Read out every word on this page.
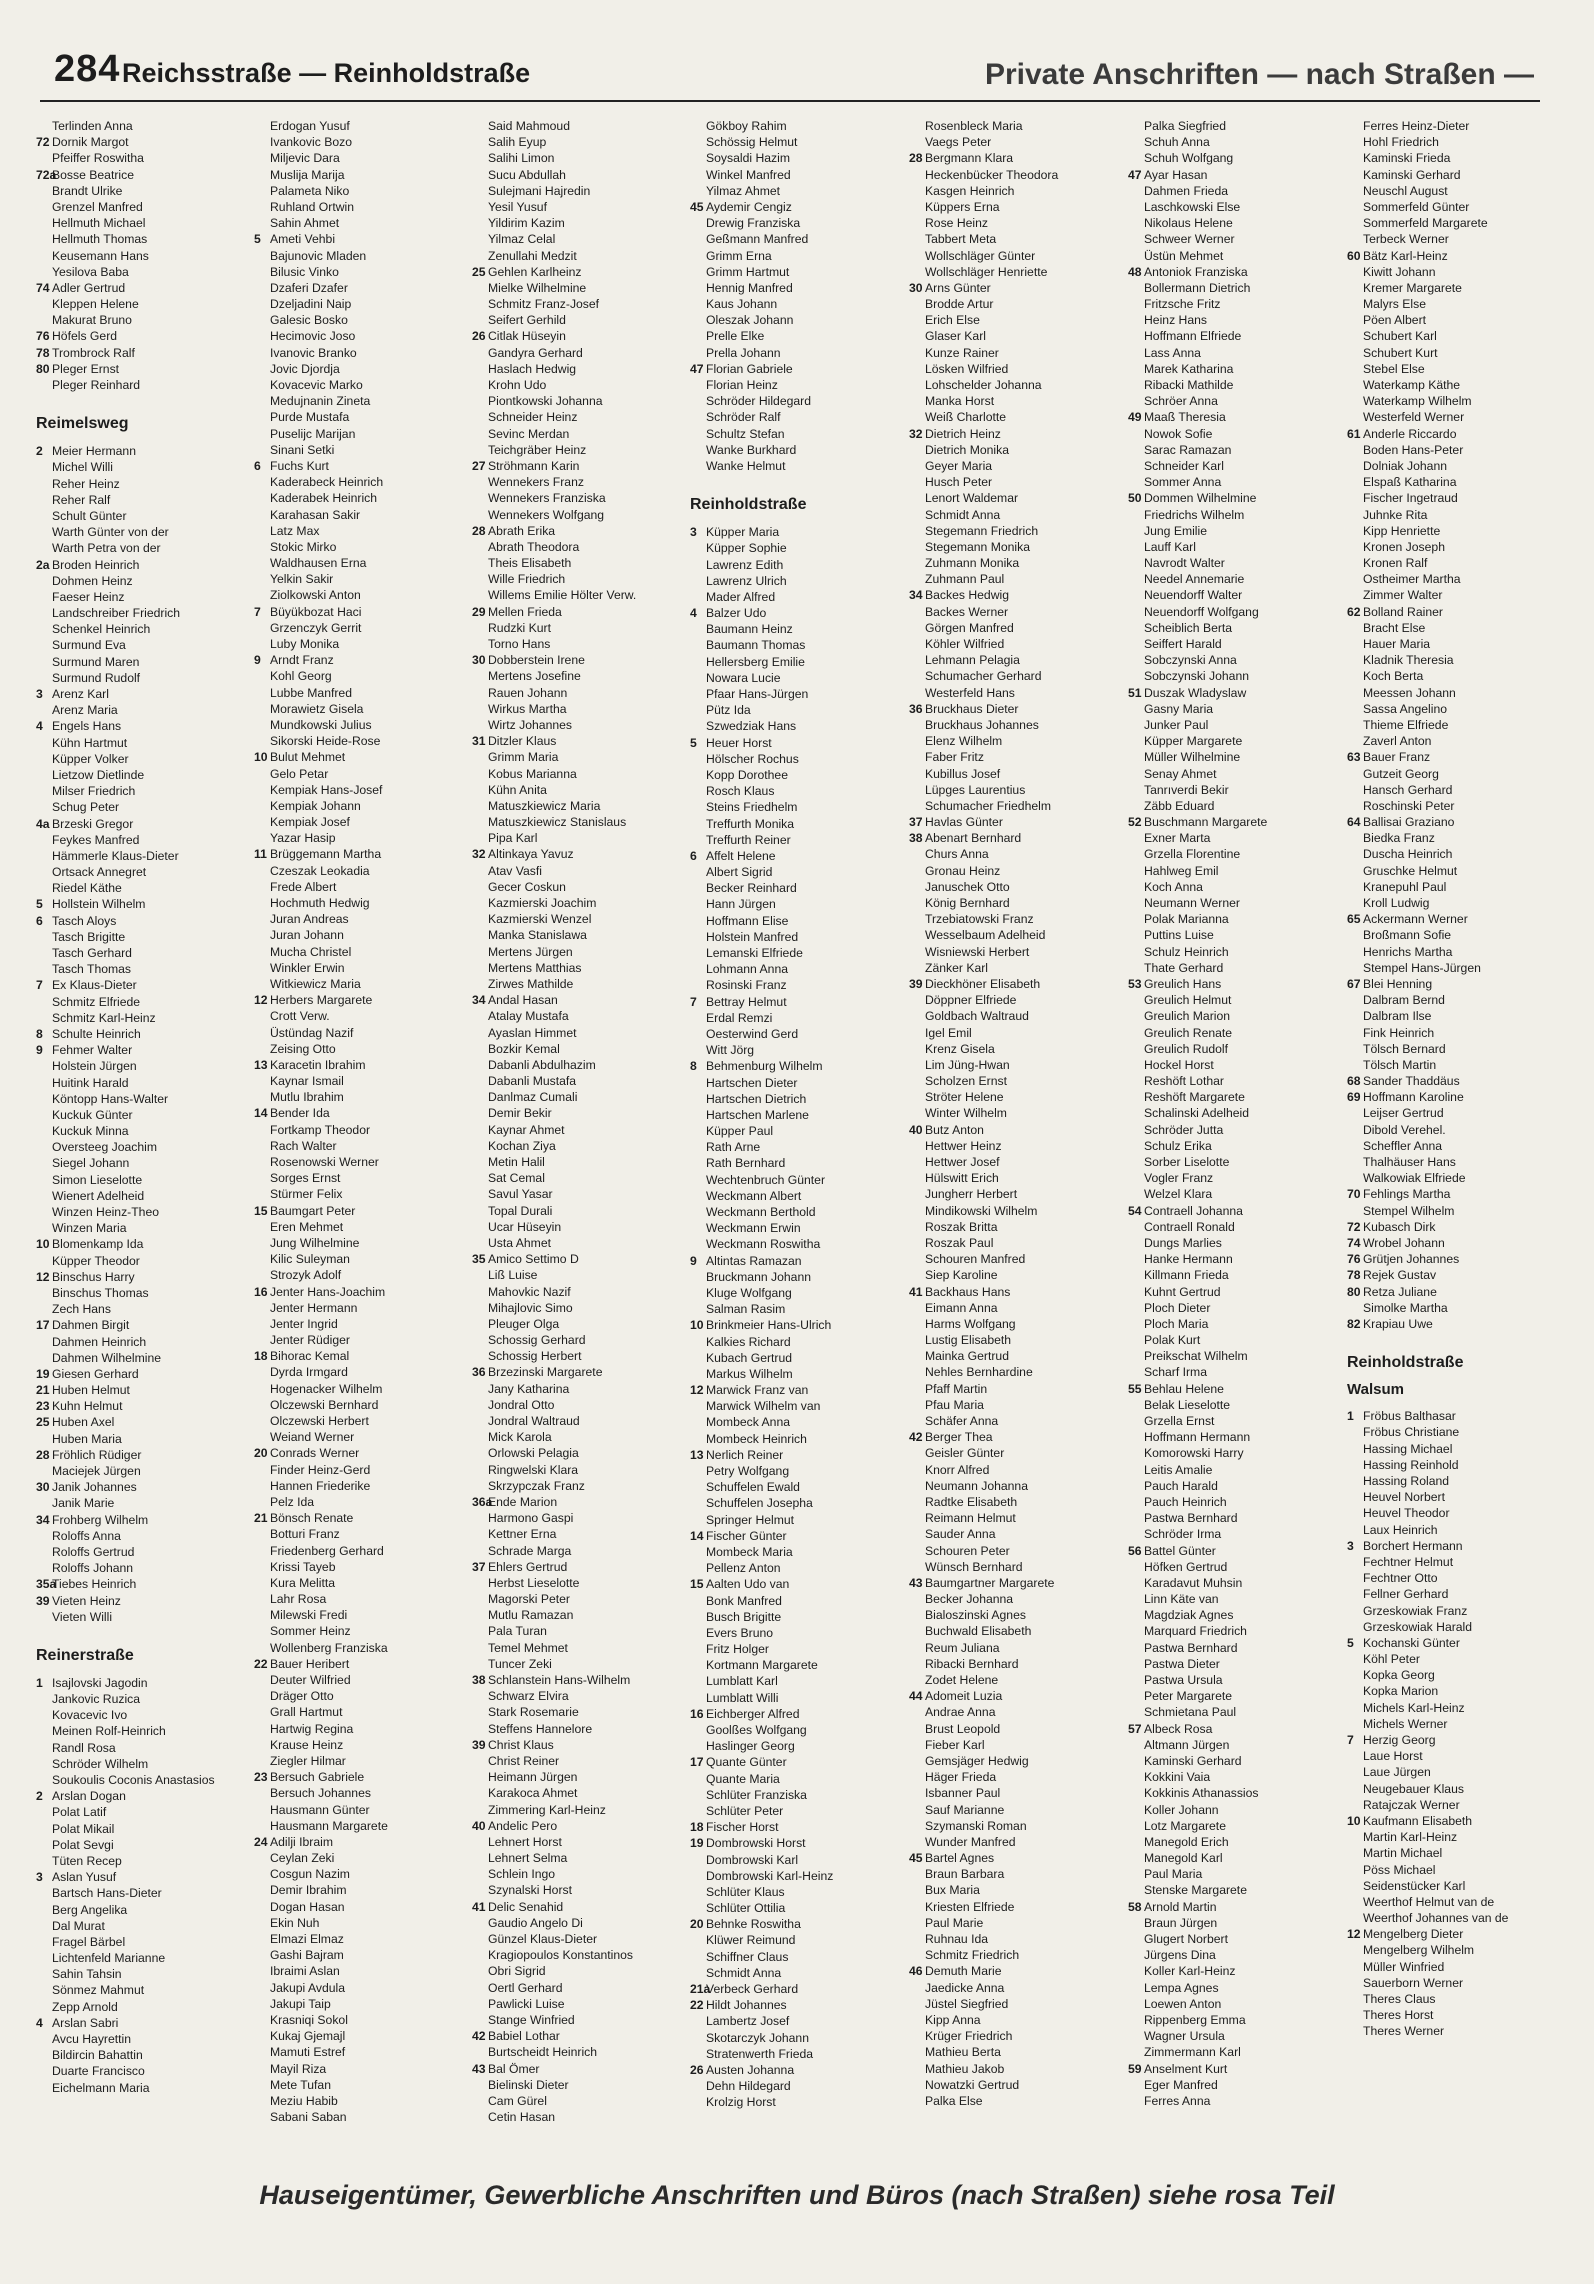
284 Reichsstraße — Reinholdstraße	Private Anschriften — nach Straßen —
Terlinden Anna
72 Dornik Margot
Pfeiffer Roswitha
72a
Bosse Beatrice
Brandt Ulrike
Grenzel Manfred
Hellmuth Michael
Hellmuth Thomas
Keusemann Hans
Yesilova Baba
74 Adler Gertrud
Kleppen Helene
Makurat Bruno
76 Höfels Gerd
78 Trombrock Ralf
80 Pleger Ernst
Pleger Reinhard
Reimelsweg
2 Meier Hermann
Michel Willi
Reher Heinz
Reher Ralf
Schult Günter
Warth Günter von der
Warth Petra von der
2a Broden Heinrich
Dohmen Heinz
Faeser Heinz
Landschreiber Friedrich
Schenkel Heinrich
Surmund Eva
Surmund Maren
Surmund Rudolf
3 Arenz Karl
Arenz Maria
4 Engels Hans
Kühn Hartmut
Küpper Volker
Lietzow Dietlinde
Milser Friedrich
Schug Peter
4a Brzeski Gregor
Feykes Manfred
Hämmerle Klaus-Dieter
Ortsack Annegret
Riedel Käthe
5 Hollstein Wilhelm
6 Tasch Aloys
Tasch Brigitte
Tasch Gerhard
Tasch Thomas
7 Ex Klaus-Dieter
Schmitz Elfriede
Schmitz Karl-Heinz
8 Schulte Heinrich
9 Fehmer Walter
Holstein Jürgen
Huitink Harald
Köntopp Hans-Walter
Kuckuk Günter
Kuckuk Minna
Oversteeg Joachim
Siegel Johann
Simon Lieselotte
Wienert Adelheid
Winzen Heinz-Theo
Winzen Maria
10 Blomenkamp Ida
Küpper Theodor
12 Binschus Harry
Binschus Thomas
Zech Hans
17 Dahmen Birgit
Dahmen Heinrich
Dahmen Wilhelmine
19 Giesen Gerhard
21 Huben Helmut
23 Kuhn Helmut
25 Huben Axel
Huben Maria
28 Fröhlich Rüdiger
Maciejek Jürgen
30 Janik Johannes
Janik Marie
34 Frohberg Wilhelm
Roloffs Anna
Roloffs Gertrud
Roloffs Johann
35a
Tiebes Heinrich
39 Vieten Heinz
Vieten Willi
Reinerstraße
1 Isajlovski Jagodin
Jankovic Ruzica
Kovacevic Ivo
Meinen Rolf-Heinrich
Randl Rosa
Schröder Wilhelm
Soukoulis Coconis Anastasios
2 Arslan Dogan
Polat Latif
Polat Mikail
Polat Sevgi
Tüten Recep
3 Aslan Yusuf
Bartsch Hans-Dieter
Berg Angelika
Dal Murat
Fragel Bärbel
Lichtenfeld Marianne
Sahin Tahsin
Sönmez Mahmut
Zepp Arnold
4 Arslan Sabri
Avcu Hayrettin
Bildircin Bahattin
Duarte Francisco
Eichelmann Maria
Erdogan Yusuf
Ivankovic Bozo
Miljevic Dara
Muslija Marija
Palameta Niko
Ruhland Ortwin
Sahin Ahmet
5 Ameti Vehbi
Bajunovic Mladen
Bilusic Vinko
Dzaferi Dzafer
Dzeljadini Naip
Galesic Bosko
Hecimovic Joso
Ivanovic Branko
Jovic Djordja
Kovacevic Marko
Medujnanin Zineta
Purde Mustafa
Puselijc Marijan
Sinani Setki
6 Fuchs Kurt
Kaderabeck Heinrich
Kaderabek Heinrich
Karahasan Sakir
Latz Max
Stokic Mirko
Waldhausen Erna
Yelkin Sakir
Ziolkowski Anton
7 Büyükbozat Haci
Grzenczyk Gerrit
Luby Monika
9 Arndt Franz
Kohl Georg
Lubbe Manfred
Morawietz Gisela
Mundkowski Julius
Sikorski Heide-Rose
10 Bulut Mehmet
Gelo Petar
Kempiak Hans-Josef
Kempiak Johann
Kempiak Josef
Yazar Hasip
11 Brüggemann Martha
Czeszak Leokadia
Frede Albert
Hochmuth Hedwig
Juran Andreas
Juran Johann
Mucha Christel
Winkler Erwin
Witkiewicz Maria
12 Herbers Margarete
Crott Verw.
Üstündag Nazif
Zeising Otto
13 Karacetin Ibrahim
Kaynar Ismail
Mutlu Ibrahim
14 Bender Ida
Fortkamp Theodor
Rach Walter
Rosenowski Werner
Sorges Ernst
Stürmer Felix
15 Baumgart Peter
Eren Mehmet
Jung Wilhelmine
Kilic Suleyman
Strozyk Adolf
16 Jenter Hans-Joachim
Jenter Hermann
Jenter Ingrid
Jenter Rüdiger
18 Bihorac Kemal
Dyrda Irmgard
Hogenacker Wilhelm
Olczewski Bernhard
Olczewski Herbert
Weiand Werner
20 Conrads Werner
Finder Heinz-Gerd
Hannen Friederike
Pelz Ida
21 Bönsch Renate
Botturi Franz
Friedenberg Gerhard
Krissi Tayeb
Kura Melitta
Lahr Rosa
Milewski Fredi
Sommer Heinz
Wollenberg Franziska
22 Bauer Heribert
Deuter Wilfried
Dräger Otto
Grall Hartmut
Hartwig Regina
Krause Heinz
Ziegler Hilmar
23 Bersuch Gabriele
Bersuch Johannes
Hausmann Günter
Hausmann Margarete
24 Adilji Ibraim
Ceylan Zeki
Cosgun Nazim
Demir Ibrahim
Dogan Hasan
Ekin Nuh
Elmazi Elmaz
Gashi Bajram
Ibraimi Aslan
Jakupi Avdula
Jakupi Taip
Krasniqi Sokol
Kukaj Gjemajl
Mamuti Estref
Mayil Riza
Mete Tufan
Meziu Habib
Sabani Saban
Said Mahmoud
Salih Eyup
Salihi Limon
Sucu Abdullah
Sulejmani Hajredin
Yesil Yusuf
Yildirim Kazim
Yilmaz Celal
Zenullahi Medzit
25 Gehlen Karlheinz
Mielke Wilhelmine
Schmitz Franz-Josef
Seifert Gerhild
26 Citlak Hüseyin
Gandyra Gerhard
Haslach Hedwig
Krohn Udo
Piontkowski Johanna
Schneider Heinz
Sevinc Merdan
Teichgräber Heinz
27 Ströhmann Karin
Wennekers Franz
Wennekers Franziska
Wennekers Wolfgang
28 Abrath Erika
Abrath Theodora
Theis Elisabeth
Wille Friedrich
Willems Emilie Hölter Verw.
29 Mellen Frieda
Rudzki Kurt
Torno Hans
30 Dobberstein Irene
Mertens Josefine
Rauen Johann
Wirkus Martha
Wirtz Johannes
31 Ditzler Klaus
Grimm Maria
Kobus Marianna
Kühn Anita
Matuszkiewicz Maria
Matuszkiewicz Stanislaus
Pipa Karl
32 Altinkaya Yavuz
Atav Vasfi
Gecer Coskun
Kazmierski Joachim
Kazmierski Wenzel
Manka Stanislawa
Mertens Jürgen
Mertens Matthias
Zirwes Mathilde
34 Andal Hasan
Atalay Mustafa
Ayaslan Himmet
Bozkir Kemal
Dabanli Abdulhazim
Dabanli Mustafa
Danlmaz Cumali
Demir Bekir
Kaynar Ahmet
Kochan Ziya
Metin Halil
Sat Cemal
Savul Yasar
Topal Durali
Ucar Hüseyin
Usta Ahmet
35 Amico Settimo D
Liß Luise
Mahovkic Nazif
Mihajlovic Simo
Pleuger Olga
Schossig Gerhard
Schossig Herbert
36 Brzezinski Margarete
Jany Katharina
Jondral Otto
Jondral Waltraud
Mick Karola
Orlowski Pelagia
Ringwelski Klara
Skrzypczak Franz
36a
Ende Marion
Harmono Gaspi
Kettner Erna
Schrade Marga
37 Ehlers Gertrud
Herbst Lieselotte
Magorski Peter
Mutlu Ramazan
Pala Turan
Temel Mehmet
Tuncer Zeki
38 Schlanstein Hans-Wilhelm
Schwarz Elvira
Stark Rosemarie
Steffens Hannelore
39 Christ Klaus
Christ Reiner
Heimann Jürgen
Karakoca Ahmet
Zimmering Karl-Heinz
40 Andelic Pero
Lehnert Horst
Lehnert Selma
Schlein Ingo
Szynalski Horst
41 Delic Senahid
Gaudio Angelo Di
Günzel Klaus-Dieter
Kragiopoulos Konstantinos
Obri Sigrid
Oertl Gerhard
Pawlicki Luise
Stange Winfried
42 Babiel Lothar
Burtscheidt Heinrich
43 Bal Ömer
Bielinski Dieter
Cam Gürel
Cetin Hasan
Gökboy Rahim
Schössig Helmut
Soysaldi Hazim
Winkel Manfred
Yilmaz Ahmet
45 Aydemir Cengiz
Drewig Franziska
Geßmann Manfred
Grimm Erna
Grimm Hartmut
Hennig Manfred
Kaus Johann
Oleszak Johann
Prelle Elke
Prella Johann
47 Florian Gabriele
Florian Heinz
Schröder Hildegard
Schröder Ralf
Schultz Stefan
Wanke Burkhard
Wanke Helmut
Reinholdstraße
3 Küpper Maria
Küpper Sophie
Lawrenz Edith
Lawrenz Ulrich
Mader Alfred
4 Balzer Udo
Baumann Heinz
Baumann Thomas
Hellersberg Emilie
Nowara Lucie
Pfaar Hans-Jürgen
Pütz Ida
Szwedziak Hans
5 Heuer Horst
Hölscher Rochus
Kopp Dorothee
Rosch Klaus
Steins Friedhelm
Treffurth Monika
Treffurth Reiner
6 Affelt Helene
Albert Sigrid
Becker Reinhard
Hann Jürgen
Hoffmann Elise
Holstein Manfred
Lemanski Elfriede
Lohmann Anna
Rosinski Franz
7 Bettray Helmut
Erdal Remzi
Oesterwind Gerd
Witt Jörg
8 Behmenburg Wilhelm
Hartschen Dieter
Hartschen Dietrich
Hartschen Marlene
Küpper Paul
Rath Arne
Rath Bernhard
Wechtenbruch Günter
Weckmann Albert
Weckmann Berthold
Weckmann Erwin
Weckmann Roswitha
9 Altintas Ramazan
Bruckmann Johann
Kluge Wolfgang
Salman Rasim
10 Brinkmeier Hans-Ulrich
Kalkies Richard
Kubach Gertrud
Markus Wilhelm
12 Marwick Franz van
Marwick Wilhelm van
Mombeck Anna
Mombeck Heinrich
13 Nerlich Reiner
Petry Wolfgang
Schuffelen Ewald
Schuffelen Josepha
Springer Helmut
14 Fischer Günter
Mombeck Maria
Pellenz Anton
15 Aalten Udo van
Bonk Manfred
Busch Brigitte
Evers Bruno
Fritz Holger
Kortmann Margarete
Lumblatt Karl
Lumblatt Willi
16 Eichberger Alfred
Goolßes Wolfgang
Haslinger Georg
17 Quante Günter
Quante Maria
Schlüter Franziska
Schlüter Peter
18 Fischer Horst
19 Dombrowski Horst
Dombrowski Karl
Dombrowski Karl-Heinz
Schlüter Klaus
Schlüter Ottilia
20 Behnke Roswitha
Klüwer Reimund
Schiffner Claus
Schmidt Anna
21a
Verbeck Gerhard
22 Hildt Johannes
Lambertz Josef
Skotarczyk Johann
Stratenwerth Frieda
26 Austen Johanna
Dehn Hildegard
Krolzig Horst
Rosenbleck Maria
Vaegs Peter
28 Bergmann Klara
Heckenbücker Theodora
Kasgen Heinrich
Küppers Erna
Rose Heinz
Tabbert Meta
Wollschläger Günter
Wollschläger Henriette
30 Arns Günter
Brodde Artur
Erich Else
Glaser Karl
Kunze Rainer
Lösken Wilfried
Lohschelder Johanna
Manka Horst
Weiß Charlotte
32 Dietrich Heinz
Dietrich Monika
Geyer Maria
Husch Peter
Lenort Waldemar
Schmidt Anna
Stegemann Friedrich
Stegemann Monika
Zuhmann Monika
Zuhmann Paul
34 Backes Hedwig
Backes Werner
Görgen Manfred
Köhler Wilfried
Lehmann Pelagia
Schumacher Gerhard
Westerfeld Hans
36 Bruckhaus Dieter
Bruckhaus Johannes
Elenz Wilhelm
Faber Fritz
Kubillus Josef
Lüpges Laurentius
Schumacher Friedhelm
37 Havlas Günter
38 Abenart Bernhard
Churs Anna
Gronau Heinz
Januschek Otto
König Bernhard
Trzebiatowski Franz
Wesselbaum Adelheid
Wisniewski Herbert
Zänker Karl
39 Dieckhöner Elisabeth
Döppner Elfriede
Goldbach Waltraud
Igel Emil
Krenz Gisela
Lim Jüng-Hwan
Scholzen Ernst
Ströter Helene
Winter Wilhelm
40 Butz Anton
Hettwer Heinz
Hettwer Josef
Hülswitt Erich
Jungherr Herbert
Mindikowski Wilhelm
Roszak Britta
Roszak Paul
Schouren Manfred
Siep Karoline
41 Backhaus Hans
Eimann Anna
Harms Wolfgang
Lustig Elisabeth
Mainka Gertrud
Nehles Bernhardine
Pfaff Martin
Pfau Maria
Schäfer Anna
42 Berger Thea
Geisler Günter
Knorr Alfred
Neumann Johanna
Radtke Elisabeth
Reimann Helmut
Sauder Anna
Schouren Peter
Wünsch Bernhard
43 Baumgartner Margarete
Becker Johanna
Bialoszinski Agnes
Buchwald Elisabeth
Reum Juliana
Ribacki Bernhard
Zodet Helene
44 Adomeit Luzia
Andrae Anna
Brust Leopold
Fieber Karl
Gemsjäger Hedwig
Häger Frieda
Isbanner Paul
Sauf Marianne
Szymanski Roman
Wunder Manfred
45 Bartel Agnes
Braun Barbara
Bux Maria
Kriesten Elfriede
Paul Marie
Ruhnau Ida
Schmitz Friedrich
46 Demuth Marie
Jaedicke Anna
Jüstel Siegfried
Kipp Anna
Krüger Friedrich
Mathieu Berta
Mathieu Jakob
Nowatzki Gertrud
Palka Else
Palka Siegfried
Schuh Anna
Schuh Wolfgang
47 Ayar Hasan
Dahmen Frieda
Laschkowski Else
Nikolaus Helene
Schweer Werner
Üstün Mehmet
48 Antoniok Franziska
Bollermann Dietrich
Fritzsche Fritz
Heinz Hans
Hoffmann Elfriede
Lass Anna
Marek Katharina
Ribacki Mathilde
Schröer Anna
49 Maaß Theresia
Nowok Sofie
Sarac Ramazan
Schneider Karl
Sommer Anna
50 Dommen Wilhelmine
Friedrichs Wilhelm
Jung Emilie
Lauff Karl
Navrodt Walter
Needel Annemarie
Neuendorff Walter
Neuendorff Wolfgang
Scheiblich Berta
Seiffert Harald
Sobczynski Anna
Sobczynski Johann
51 Duszak Wladyslaw
Gasny Maria
Junker Paul
Küpper Margarete
Müller Wilhelmine
Senay Ahmet
Tanrıverdi Bekir
Zäbb Eduard
52 Buschmann Margarete
Exner Marta
Grzella Florentine
Hahlweg Emil
Koch Anna
Neumann Werner
Polak Marianna
Puttins Luise
Schulz Heinrich
Thate Gerhard
53 Greulich Hans
Greulich Helmut
Greulich Marion
Greulich Renate
Greulich Rudolf
Hockel Horst
Reshöft Lothar
Reshöft Margarete
Schalinski Adelheid
Schröder Jutta
Schulz Erika
Sorber Liselotte
Vogler Franz
Welzel Klara
54 Contraell Johanna
Contraell Ronald
Dungs Marlies
Hanke Hermann
Killmann Frieda
Kuhnt Gertrud
Ploch Dieter
Ploch Maria
Polak Kurt
Preikschat Wilhelm
Scharf Irma
55 Behlau Helene
Belak Lieselotte
Grzella Ernst
Hoffmann Hermann
Komorowski Harry
Leitis Amalie
Pauch Harald
Pauch Heinrich
Pastwa Bernhard
Schröder Irma
56 Battel Günter
Höfken Gertrud
Karadavut Muhsin
Linn Käte van
Magdziak Agnes
Marquard Friedrich
Pastwa Bernhard
Pastwa Dieter
Pastwa Ursula
Peter Margarete
Schmietana Paul
57 Albeck Rosa
Altmann Jürgen
Kaminski Gerhard
Kokkini Vaia
Kokkinis Athanassios
Koller Johann
Lotz Margarete
Manegold Erich
Manegold Karl
Paul Maria
Stenske Margarete
58 Arnold Martin
Braun Jürgen
Glugert Norbert
Jürgens Dina
Koller Karl-Heinz
Lempa Agnes
Loewen Anton
Rippenberg Emma
Wagner Ursula
Zimmermann Karl
59 Anselment Kurt
Eger Manfred
Ferres Anna
Ferres Heinz-Dieter
Hohl Friedrich
Kaminski Frieda
Kaminski Gerhard
Neuschl August
Sommerfeld Günter
Sommerfeld Margarete
Terbeck Werner
60 Bätz Karl-Heinz
Kiwitt Johann
Kremer Margarete
Malyrs Else
Pöen Albert
Schubert Karl
Schubert Kurt
Stebel Else
Waterkamp Käthe
Waterkamp Wilhelm
Westerfeld Werner
61 Anderle Riccardo
Boden Hans-Peter
Dolniak Johann
Elspaß Katharina
Fischer Ingetraud
Juhnke Rita
Kipp Henriette
Kronen Joseph
Kronen Ralf
Ostheimer Martha
Zimmer Walter
62 Bolland Rainer
Bracht Else
Hauer Maria
Kladnik Theresia
Koch Berta
Meessen Johann
Sassa Angelino
Thieme Elfriede
Zaverl Anton
63 Bauer Franz
Gutzeit Georg
Hansch Gerhard
Roschinski Peter
64 Ballisai Graziano
Biedka Franz
Duscha Heinrich
Gruschke Helmut
Kranepuhl Paul
Kroll Ludwig
65 Ackermann Werner
Broßmann Sofie
Henrichs Martha
Stempel Hans-Jürgen
67 Blei Henning
Dalbram Bernd
Dalbram Ilse
Fink Heinrich
Tölsch Bernard
Tölsch Martin
68 Sander Thaddäus
69 Hoffmann Karoline
Leijser Gertrud
Dibold Verehel.
Scheffler Anna
Thalhäuser Hans
Walkowiak Elfriede
70 Fehlings Martha
Stempel Wilhelm
72 Kubasch Dirk
74 Wrobel Johann
76 Grütjen Johannes
78 Rejek Gustav
80 Retza Juliane
Simolke Martha
82 Krapiau Uwe
Reinholdstraße
Walsum
1 Fröbus Balthasar
Fröbus Christiane
Hassing Michael
Hassing Reinhold
Hassing Roland
Heuvel Norbert
Heuvel Theodor
Laux Heinrich
3 Borchert Hermann
Fechtner Helmut
Fechtner Otto
Fellner Gerhard
Grzeskowiak Franz
Grzeskowiak Harald
5 Kochanski Günter
Köhl Peter
Kopka Georg
Kopka Marion
Michels Karl-Heinz
Michels Werner
7 Herzig Georg
Laue Horst
Laue Jürgen
Neugebauer Klaus
Ratajczak Werner
10 Kaufmann Elisabeth
Martin Karl-Heinz
Martin Michael
Pöss Michael
Seidenstücker Karl
Weerthof Helmut van de
Weerthof Johannes van de
12 Mengelberg Dieter
Mengelberg Wilhelm
Müller Winfried
Sauerborn Werner
Theres Claus
Theres Horst
Theres Werner
Hauseigentümer, Gewerbliche Anschriften und Büros (nach Straßen) siehe rosa Teil
